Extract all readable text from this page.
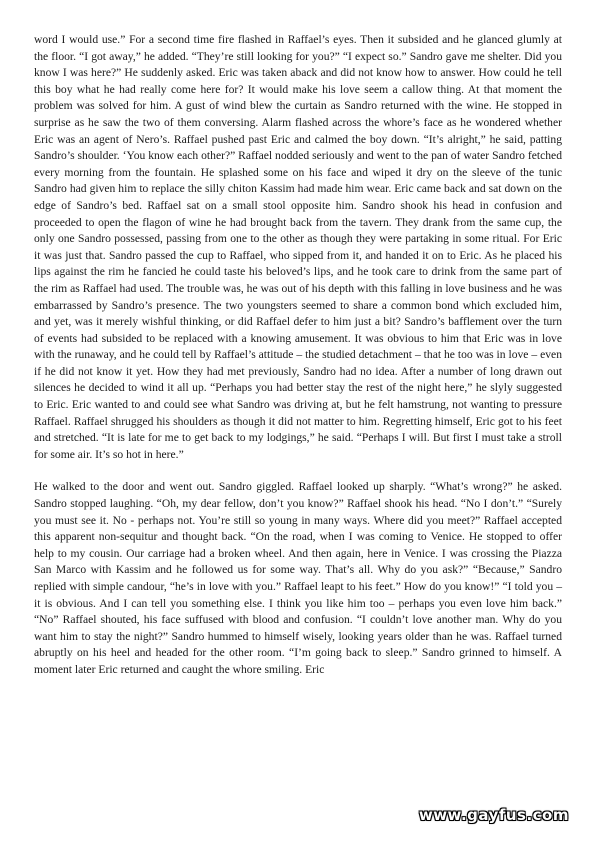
word I would use.” For a second time fire flashed in Raffael’s eyes. Then it subsided and he glanced glumly at the floor. “I got away,” he added. “They’re still looking for you?” “I expect so.” Sandro gave me shelter. Did you know I was here?” He suddenly asked. Eric was taken aback and did not know how to answer. How could he tell this boy what he had really come here for? It would make his love seem a callow thing. At that moment the problem was solved for him. A gust of wind blew the curtain as Sandro returned with the wine. He stopped in surprise as he saw the two of them conversing. Alarm flashed across the whore’s face as he wondered whether Eric was an agent of Nero’s. Raffael pushed past Eric and calmed the boy down. “It’s alright,” he said, patting Sandro’s shoulder. ‘You know each other?” Raffael nodded seriously and went to the pan of water Sandro fetched every morning from the fountain. He splashed some on his face and wiped it dry on the sleeve of the tunic Sandro had given him to replace the silly chiton Kassim had made him wear. Eric came back and sat down on the edge of Sandro’s bed. Raffael sat on a small stool opposite him. Sandro shook his head in confusion and proceeded to open the flagon of wine he had brought back from the tavern. They drank from the same cup, the only one Sandro possessed, passing from one to the other as though they were partaking in some ritual. For Eric it was just that. Sandro passed the cup to Raffael, who sipped from it, and handed it on to Eric. As he placed his lips against the rim he fancied he could taste his beloved’s lips, and he took care to drink from the same part of the rim as Raffael had used. The trouble was, he was out of his depth with this falling in love business and he was embarrassed by Sandro’s presence. The two youngsters seemed to share a common bond which excluded him, and yet, was it merely wishful thinking, or did Raffael defer to him just a bit? Sandro’s bafflement over the turn of events had subsided to be replaced with a knowing amusement. It was obvious to him that Eric was in love with the runaway, and he could tell by Raffael’s attitude – the studied detachment – that he too was in love – even if he did not know it yet. How they had met previously, Sandro had no idea. After a number of long drawn out silences he decided to wind it all up. “Perhaps you had better stay the rest of the night here,” he slyly suggested to Eric. Eric wanted to and could see what Sandro was driving at, but he felt hamstrung, not wanting to pressure Raffael. Raffael shrugged his shoulders as though it did not matter to him. Regretting himself, Eric got to his feet and stretched. “It is late for me to get back to my lodgings,” he said. “Perhaps I will. But first I must take a stroll for some air. It’s so hot in here.”

He walked to the door and went out. Sandro giggled. Raffael looked up sharply. “What’s wrong?” he asked. Sandro stopped laughing. “Oh, my dear fellow, don’t you know?” Raffael shook his head. “No I don’t.” “Surely you must see it. No - perhaps not. You’re still so young in many ways. Where did you meet?” Raffael accepted this apparent non-sequitur and thought back. “On the road, when I was coming to Venice. He stopped to offer help to my cousin. Our carriage had a broken wheel. And then again, here in Venice. I was crossing the Piazza San Marco with Kassim and he followed us for some way. That’s all. Why do you ask?” “Because,” Sandro replied with simple candour, “he’s in love with you.” Raffael leapt to his feet.” How do you know!” “I told you – it is obvious. And I can tell you something else. I think you like him too – perhaps you even love him back.” “No” Raffael shouted, his face suffused with blood and confusion. “I couldn’t love another man. Why do you want him to stay the night?” Sandro hummed to himself wisely, looking years older than he was. Raffael turned abruptly on his heel and headed for the other room. “I’m going back to sleep.” Sandro grinned to himself. A moment later Eric returned and caught the whore smiling. Eric

www.gayfus.com
